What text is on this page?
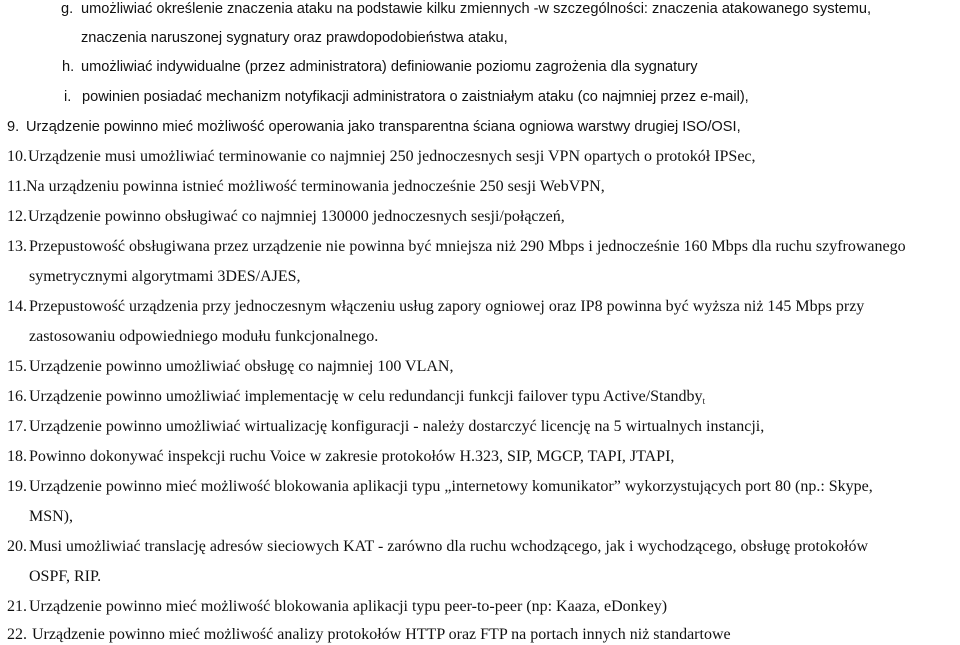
g. umożliwiać określenie znaczenia ataku na podstawie kilku zmiennych -w szczególności: znaczenia atakowanego systemu,
znaczenia naruszonej sygnatury oraz prawdopodobieństwa ataku,
h. umożliwiać indywidualne (przez administratora) definiowanie poziomu zagrożenia dla sygnatury
i. powinien posiadać mechanizm notyfikacji administratora o zaistniałym ataku (co najmniej przez e-mail),
9. Urządzenie powinno mieć możliwość operowania jako transparentna ściana ogniowa warstwy drugiej ISO/OSI,
10.Urządzenie musi umożliwiać terminowanie co najmniej 250 jednoczesnych sesji VPN opartych o protokół IPSec,
11.Na urządzeniu powinna istnieć możliwość terminowania jednocześnie 250 sesji WebVPN,
12.Urządzenie powinno obsługiwać co najmniej 130000 jednoczesnych sesji/połączeń,
13. Przepustowość obsługiwana przez urządzenie nie powinna być mniejsza niż 290 Mbps i jednocześnie 160 Mbps dla ruchu szyfrowanego
symetrycznymi algorytmami 3DES/AJES,
14. Przepustowość urządzenia przy jednoczesnym włączeniu usług zapory ogniowej oraz IP8 powinna być wyższa niż 145 Mbps przy
zastosowaniu odpowiedniego modułu funkcjonalnego.
15. Urządzenie powinno umożliwiać obsługę co najmniej 100 VLAN,
16. Urządzenie powinno umożliwiać implementację w celu redundancji funkcji failover typu Active/Standby$_t$
17. Urządzenie powinno umożliwiać wirtualizację konfiguracji - należy dostarczyć licencję na 5 wirtualnych instancji,
18. Powinno dokonywać inspekcji ruchu Voice w zakresie protokołów H.323, SIP, MGCP, TAPI, JTAPI,
19. Urządzenie powinno mieć możliwość blokowania aplikacji typu „internetowy komunikator” wykorzystujących port 80 (np.: Skype,
MSN),
20. Musi umożliwiać translację adresów sieciowych KAT - zarówno dla ruchu wchodzącego, jak i wychodzącego, obsługę protokołów
OSPF, RIP.
21. Urządzenie powinno mieć możliwość blokowania aplikacji typu peer-to-peer (np: Kaaza, eDonkey)
22. Urządzenie powinno mieć możliwość analizy protokołów HTTP oraz FTP na portach innych niż standartowe
